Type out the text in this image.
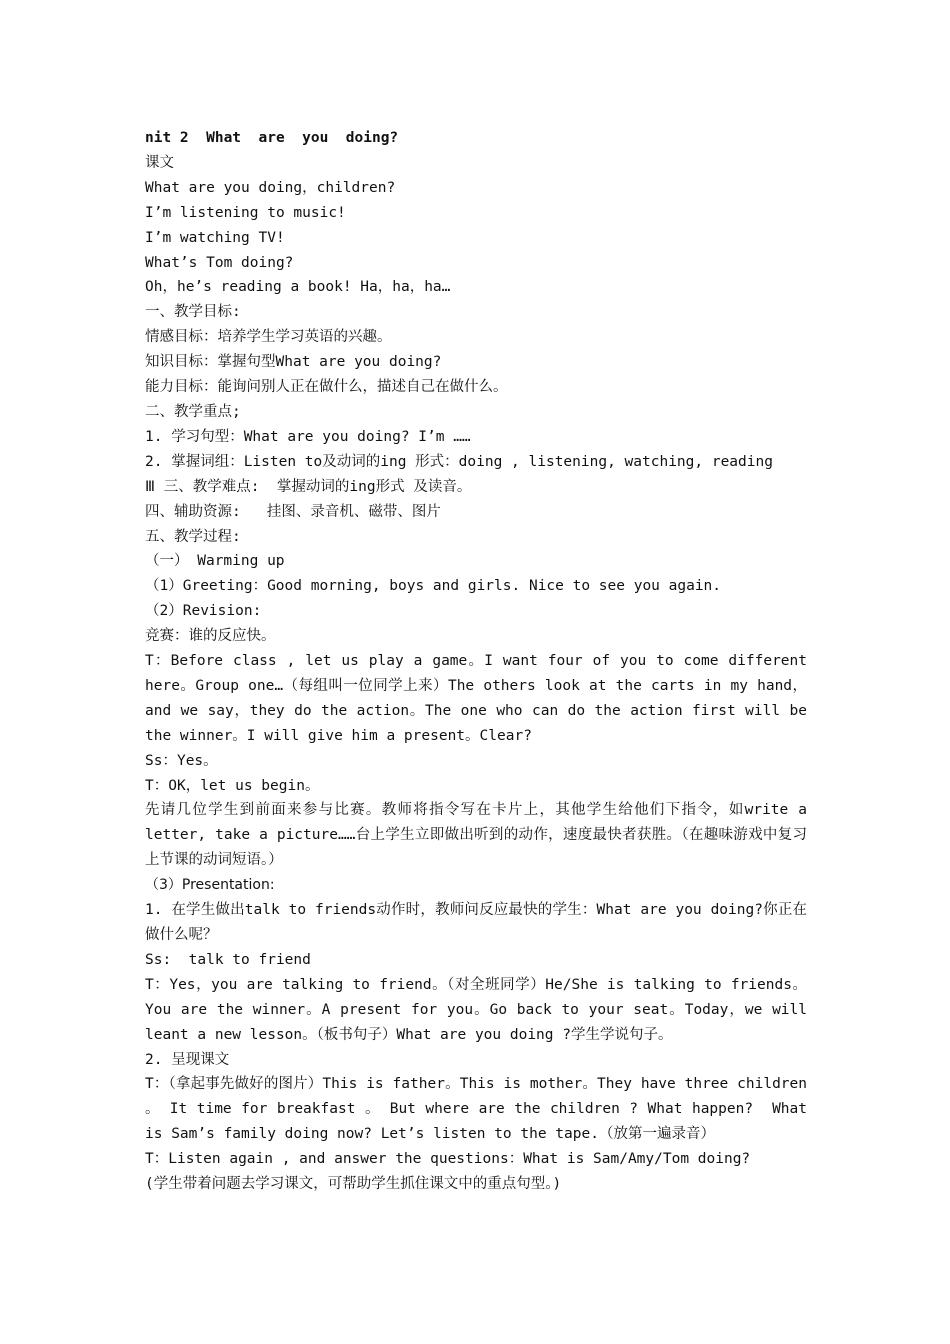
nit 2  What  are  you  doing?

课文

What are you doing，children?

I’m listening to music!

I’m watching TV!

What’s Tom doing?

Oh，he’s reading a book! Ha，ha，ha…

一、教学目标:

情感目标：培养学生学习英语的兴趣。

知识目标：掌握句型What are you doing?

能力目标：能询问别人正在做什么，描述自己在做什么。

二、教学重点;

1. 学习句型：What are you doing? I’m ……

2. 掌握词组：Listen to及动词的ing 形式：doing , listening, watching, reading

Ⅲ 三、教学难点:  掌握动词的ing形式 及读音。

四、辅助资源:   挂图、录音机、磁带、图片

五、教学过程:

（一） Warming up

（1）Greeting：Good morning, boys and girls. Nice to see you again.

（2）Revision:

竞赛：谁的反应快。

T：Before class , let us play a game。I want four of you to come different here。Group one…（每组叫一位同学上来）The others look at the carts in my hand，and we say，they do the action。The one who can do the action first will be the winner。I will give him a present。Clear?

Ss：Yes。

T：OK，let us begin。

先请几位学生到前面来参与比赛。教师将指令写在卡片上，其他学生给他们下指令，如write a letter, take a picture……台上学生立即做出听到的动作，速度最快者获胜。（在趣味游戏中复习上节课的动词短语。）

（3）Presentation:

1. 在学生做出talk to friends动作时，教师问反应最快的学生：What are you doing?你正在做什么呢？

Ss:  talk to friend

T：Yes，you are talking to friend。（对全班同学）He/She is talking to friends。You are the winner。A present for you。Go back to your seat。Today，we will leant a new lesson。（板书句子）What are you doing ?学生学说句子。

2. 呈现课文

T：（拿起事先做好的图片）This is father。This is mother。They have three children 。 It time for breakfast 。 But where are the children ? What happen?  What is Sam’s family doing now? Let’s listen to the tape.（放第一遍录音）

T：Listen again , and answer the questions：What is Sam/Amy/Tom doing?

(学生带着问题去学习课文，可帮助学生抓住课文中的重点句型。)
